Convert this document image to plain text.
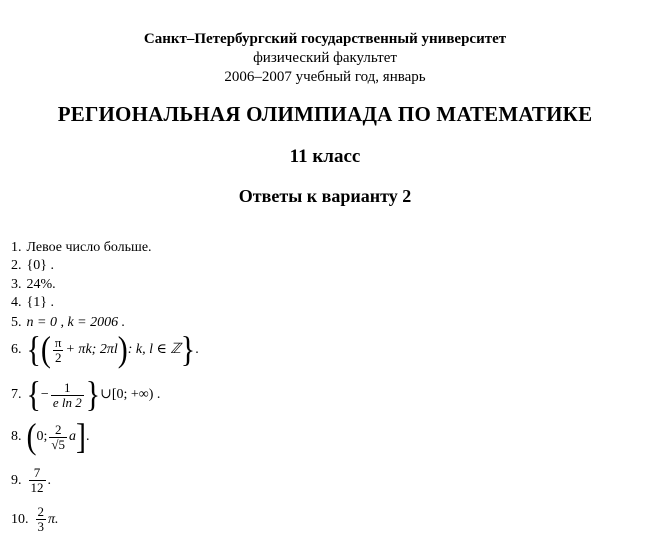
Санкт–Петербургский государственный университет
физический факультет
2006–2007 учебный год, январь
РЕГИОНАЛЬНАЯ ОЛИМПИАДА ПО МАТЕМАТИКЕ
11 класс
Ответы к варианту 2
1. Левое число больше.
2. {0} .
3. 24%.
4. {1} .
5. n = 0 , k = 2006 .
6. { ( $\frac{\pi}{2} + \pi k$; 2πl ) : k, l ∈ ℤ } .
7. { − $\frac{1}{\text{e ln 2}}$ } ∪[0; +∞) .
8. ( 0; $\frac{2}{√5}$ a ] .
9. $\frac{7}{12}$ .
10. $\frac{2}{3} \pi$.
